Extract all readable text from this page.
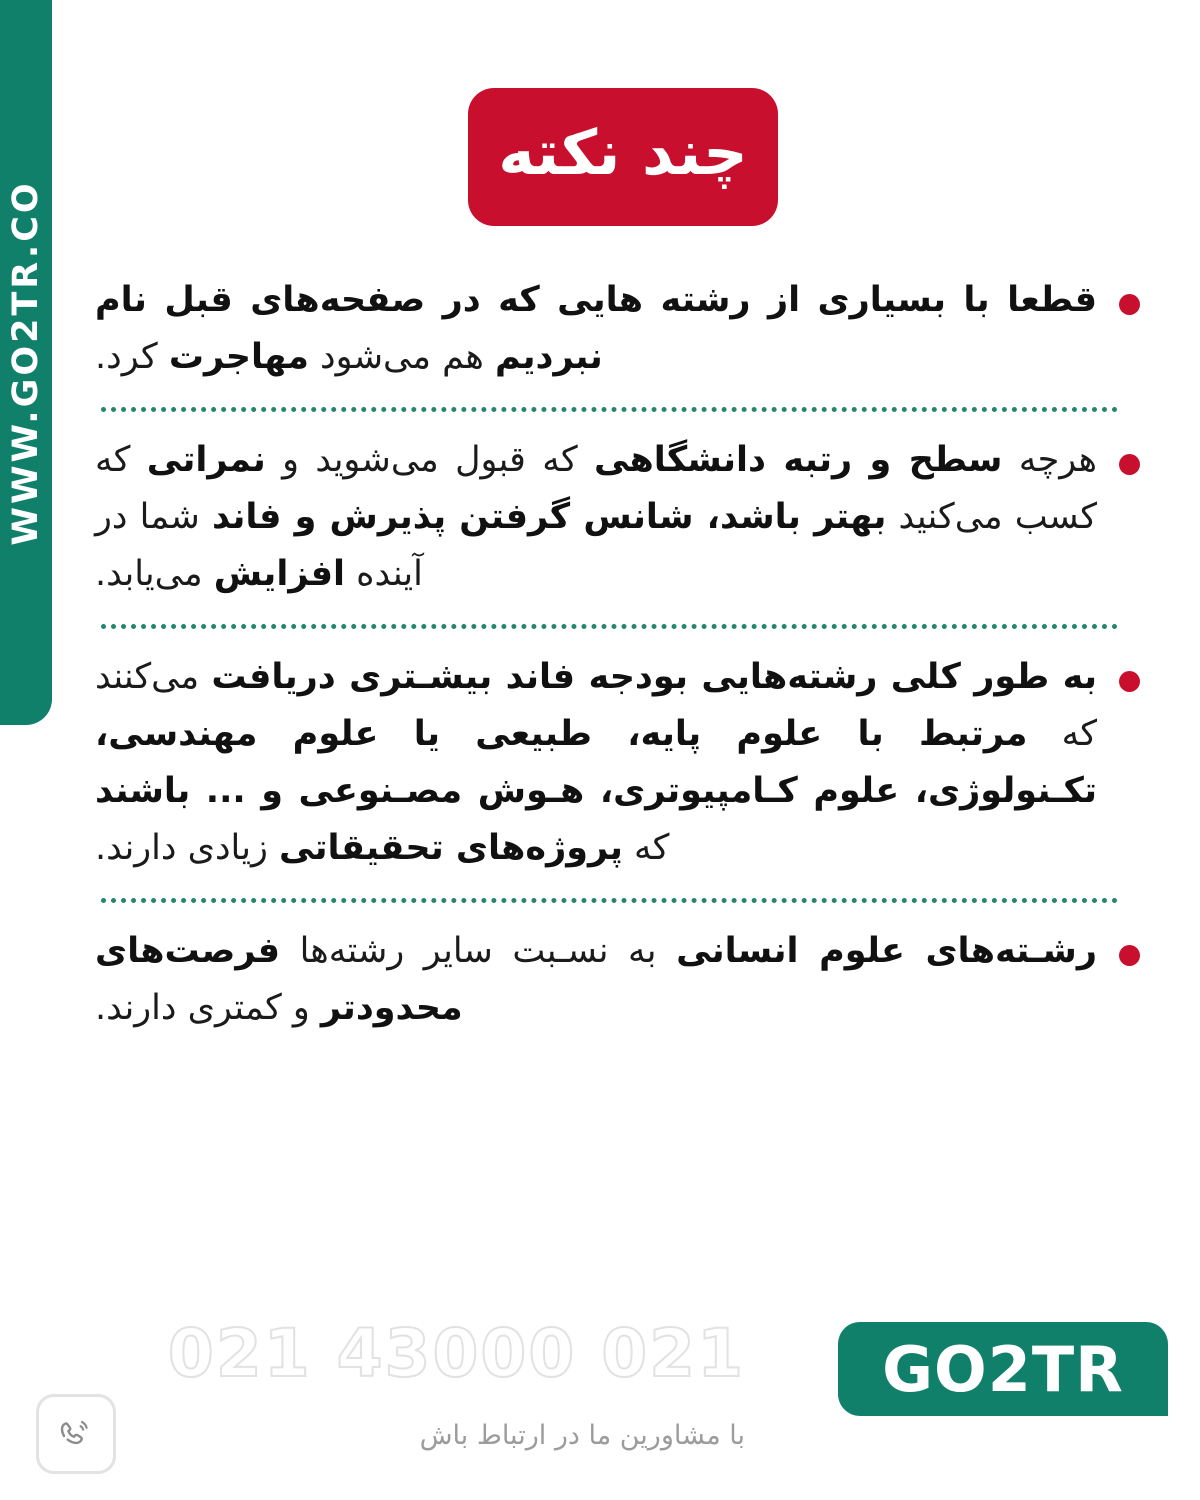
WWW.GO2TR.CO
چند نکته
قطعا با بسیاری از رشته هایی که در صفحه‌های قبل نام نبردیم هم می‌شود مهاجرت کرد.
هرچه سطح و رتبه دانشگاهی که قبول می‌شوید و نمراتی که کسب می‌کنید بهتر باشد، شانس گرفتن پذیرش و فاند شما در آینده افزایش می‌یابد.
به طور کلی رشته‌هایی بودجه فاند بیشـتری دریافت می‌کنند که مرتبط با علوم پایه، طبیعی یا علوم مهندسی، تکـنولوژی، علوم کـامپیوتری، هـوش مصـنوعی و ... باشند که پروژه‌های تحقیقاتی زیادی دارند.
رشـته‌های علوم انسانی به نسـبت سایر رشته‌ها فرصت‌های محدودتر و کمتری دارند.
021 43000 021
با مشاورین ما در ارتباط باش
GO2TR
